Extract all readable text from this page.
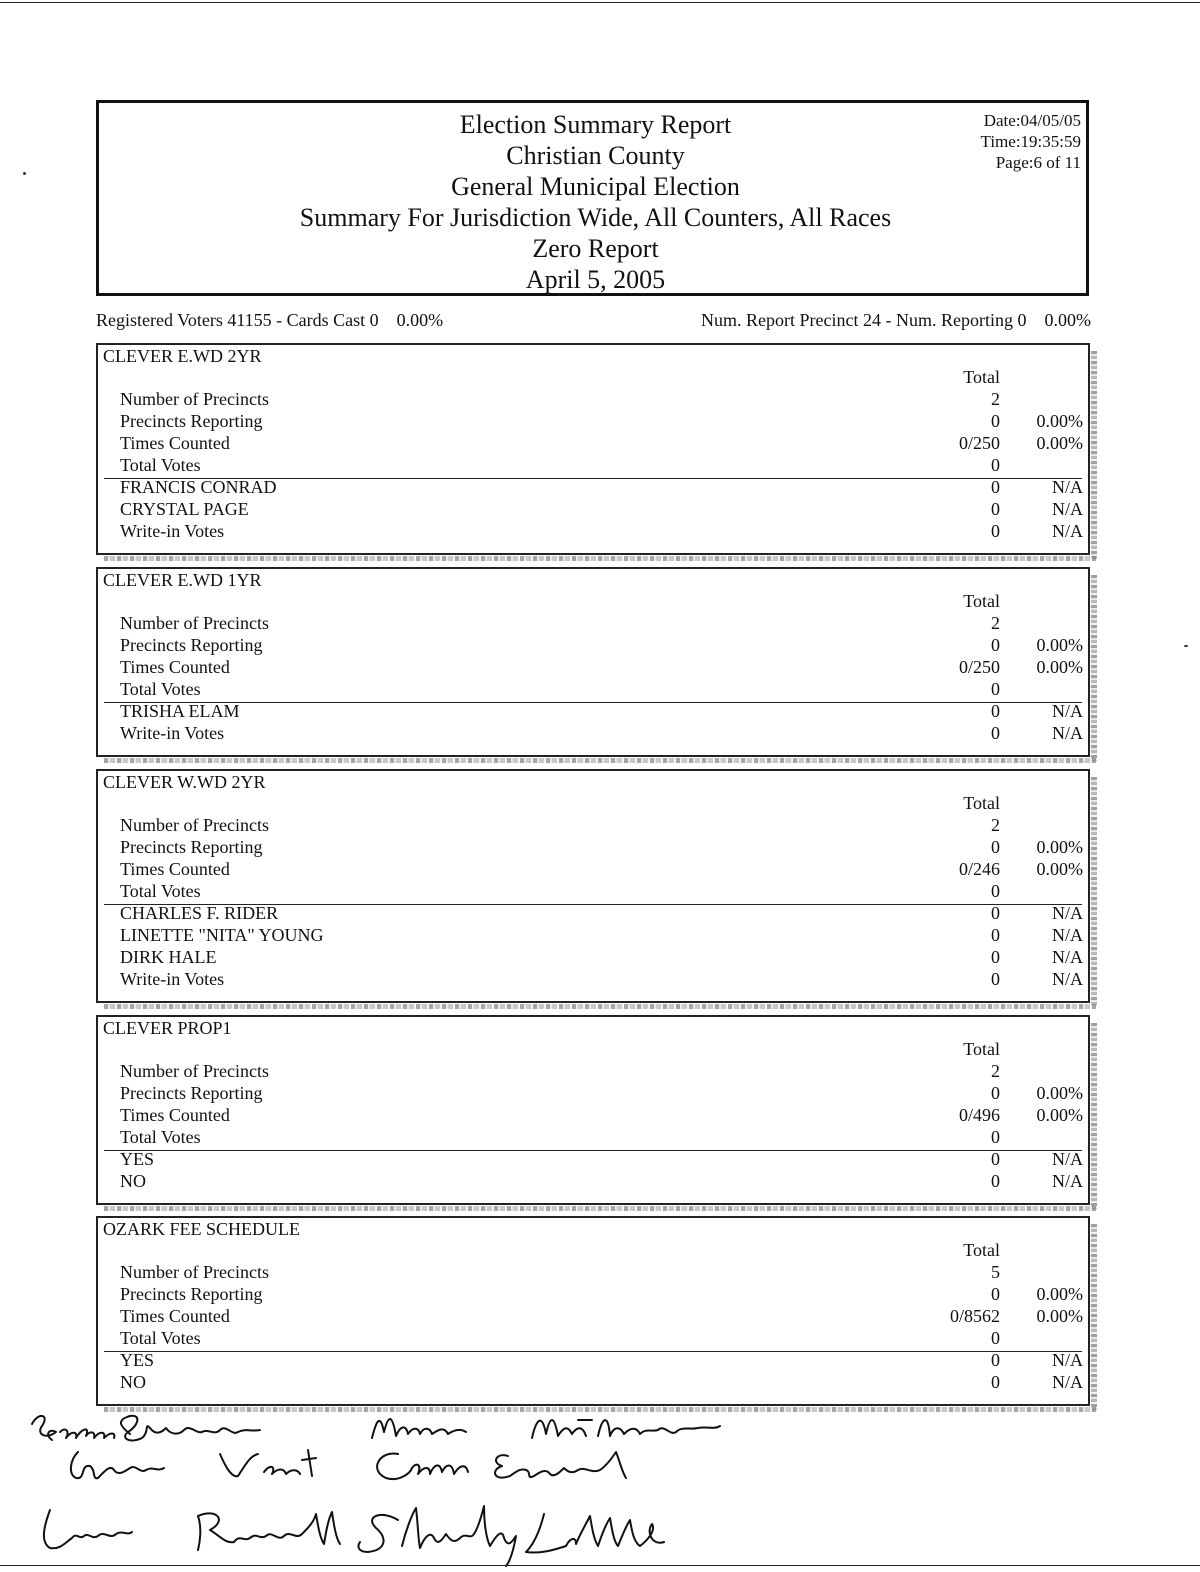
Election Summary Report
Christian County
General Municipal Election
Summary For Jurisdiction Wide, All Counters, All Races
Zero Report
April 5, 2005
Date:04/05/05
Time:19:35:59
Page:6 of 11
Registered Voters 41155 - Cards Cast 0    0.00%	Num. Report Precinct 24 - Num. Reporting 0    0.00%
CLEVER E.WD 2YR
Total
Number of Precincts	2
Precincts Reporting	0 0.00%
Times Counted	0/250 0.00%
Total Votes	0
FRANCIS CONRAD	0	N/A
CRYSTAL PAGE	0	N/A
Write-in Votes	0	N/A
CLEVER E.WD 1YR
Total
Number of Precincts	2
Precincts Reporting	0 0.00%
Times Counted	0/250 0.00%
Total Votes	0
TRISHA ELAM	0	N/A
Write-in Votes	0	N/A
CLEVER W.WD 2YR
Total
Number of Precincts	2
Precincts Reporting	0 0.00%
Times Counted	0/246 0.00%
Total Votes	0
CHARLES F. RIDER	0	N/A
LINETTE "NITA" YOUNG	0	N/A
DIRK HALE	0	N/A
Write-in Votes	0	N/A
CLEVER PROP1
Total
Number of Precincts	2
Precincts Reporting	0 0.00%
Times Counted	0/496 0.00%
Total Votes	0
YES	0	N/A
NO	0	N/A
OZARK FEE SCHEDULE
Total
Number of Precincts	5
Precincts Reporting	0 0.00%
Times Counted	0/8562 0.00%
Total Votes	0
YES	0	N/A
NO	0	N/A
